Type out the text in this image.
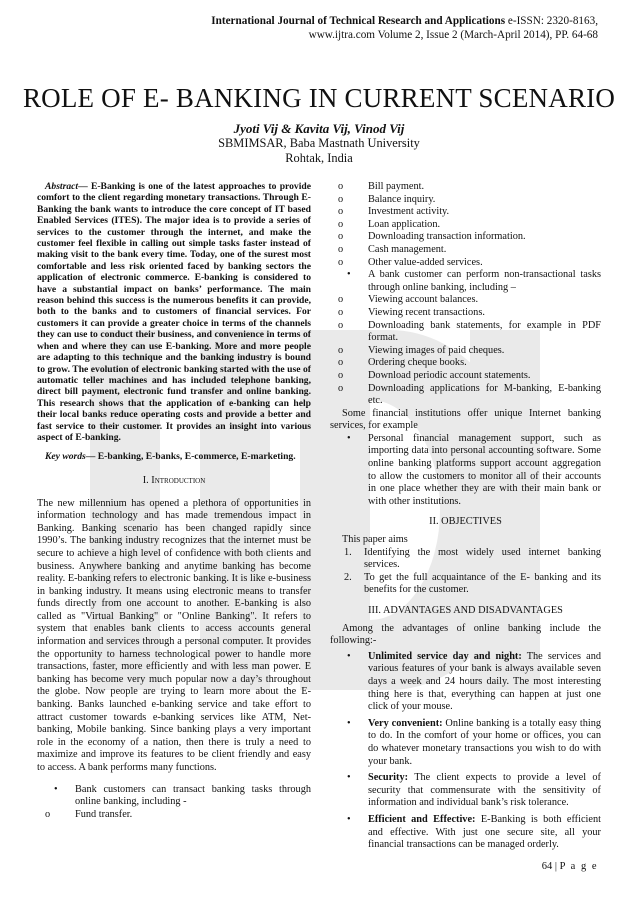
International Journal of Technical Research and Applications e-ISSN: 2320-8163,
www.ijtra.com Volume 2, Issue 2 (March-April 2014), PP. 64-68
ROLE OF E- BANKING IN CURRENT SCENARIO
Jyoti Vij & Kavita Vij, Vinod Vij
SBMIMSAR, Baba Mastnath University
Rohtak, India
Abstract— E-Banking is one of the latest approaches to provide comfort to the client regarding monetary transactions. Through E-Banking the bank wants to introduce the core concept of IT based Enabled Services (ITES). The major idea is to provide a series of services to the customer through the internet, and make the customer feel flexible in calling out simple tasks faster instead of making visit to the bank every time. Today, one of the surest most comfortable and less risk oriented faced by banking sectors the application of electronic commerce. E-banking is considered to have a substantial impact on banks’ performance. The main reason behind this success is the numerous benefits it can provide, both to the banks and to customers of financial services. For customers it can provide a greater choice in terms of the channels they can use to conduct their business, and convenience in terms of when and where they can use E-banking. More and more people are adapting to this technique and the banking industry is bound to grow. The evolution of electronic banking started with the use of automatic teller machines and has included telephone banking, direct bill payment, electronic fund transfer and online banking. This research shows that the application of e-banking can help their local banks reduce operating costs and provide a better and fast service to their customer. It provides an insight into various aspect of E-banking.
Key words— E-banking, E-banks, E-commerce, E-marketing.
I. Introduction

The new millennium has opened a plethora of opportunities in information technology and has made tremendous impact in Banking. Banking scenario has been changed rapidly since 1990’s. The banking industry recognizes that the internet must be secure to achieve a high level of confidence with both clients and business. Anywhere banking and anytime banking has become reality. E-banking refers to electronic banking. It is like e-business in banking industry. It means using electronic means to transfer funds directly from one account to another. E-banking is also called as "Virtual Banking" or "Online Banking". It refers to system that enables bank clients to access accounts general information and services through a personal computer. It provides the opportunity to harness technological power to handle more transactions, faster, more efficiently and with less man power. E banking has become very much popular now a day’s throughout the globe. Now people are trying to learn more about the E-banking. Banks launched e-banking service and take effort to attract customer towards e-banking services like ATM, Net-banking, Mobile banking. Since banking plays a very important role in the economy of a nation, then there is truly a need to maximize and improve its features to be client friendly and easy to access. A bank performs many functions.

• Bank customers can transact banking tasks through online banking, including -
o Fund transfer.
o Bill payment.
o Balance inquiry.
o Investment activity.
o Loan application.
o Downloading transaction information.
o Cash management.
o Other value-added services.
• A bank customer can perform non-transactional tasks through online banking, including –
o Viewing account balances.
o Viewing recent transactions.
o Downloading bank statements, for example in PDF format.
o Viewing images of paid cheques.
o Ordering cheque books.
o Download periodic account statements.
o Downloading applications for M-banking, E-banking etc.

Some financial institutions offer unique Internet banking services, for example

• Personal financial management support, such as importing data into personal accounting software. Some online banking platforms support account aggregation to allow the customers to monitor all of their accounts in one place whether they are with their main bank or with other institutions.
II. OBJECTIVES

This paper aims

1. Identifying the most widely used internet banking services.
2. To get the full acquaintance of the E- banking and its benefits for the customer.
III. ADVANTAGES AND DISADVANTAGES

Among the advantages of online banking include the following:-

• Unlimited service day and night: The services and various features of your bank is always available seven days a week and 24 hours daily. The most interesting thing here is that, everything can happen at just one click of your mouse.
• Very convenient: Online banking is a totally easy thing to do. In the comfort of your home or offices, you can do whatever monetary transactions you wish to do with your bank.
• Security: The client expects to provide a level of security that commensurate with the sensitivity of information and individual bank’s risk tolerance.
• Efficient and Effective: E-Banking is both efficient and effective. With just one secure site, all your financial transactions can be managed orderly.
64 | P a g e
